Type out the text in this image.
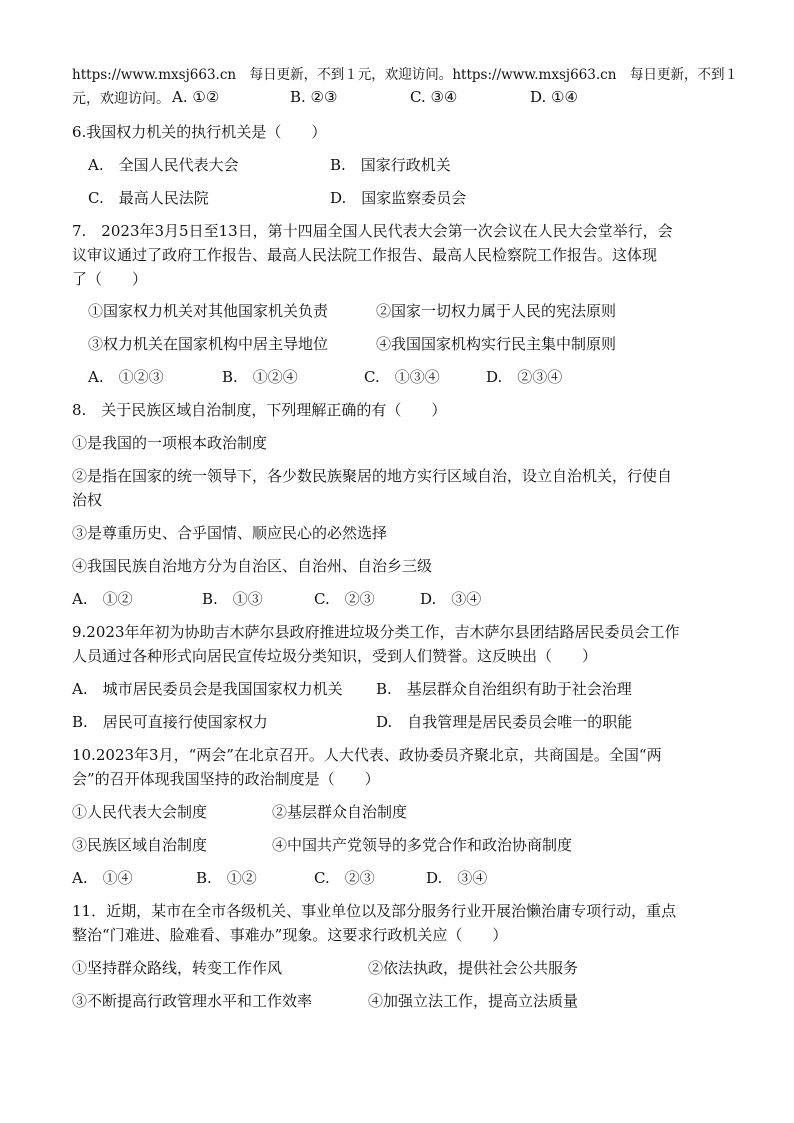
https://www.mxsj663.cn　每日更新，不到１元，欢迎访问。https://www.mxsj663.cn　每日更新，不到１
元，欢迎访问。 A. ①②	B. ②③	C. ③④	D. ①④
6.我国权力机关的执行机关是（　　）
A.　全国人民代表大会	B.　国家行政机关
C.　最高人民法院	D.　国家监察委员会
7.　2023年3月5日至13日，第十四届全国人民代表大会第一次会议在人民大会堂举行，会
议审议通过了政府工作报告、最高人民法院工作报告、最高人民检察院工作报告。这体现
了（　　）
①国家权力机关对其他国家机关负责	②国家一切权力属于人民的宪法原则
③权力机关在国家机构中居主导地位	④我国国家机构实行民主集中制原则
A.　①②③	B.　①②④	C.　①③④	D.　②③④
8.　关于民族区域自治制度，下列理解正确的有（　　）
①是我国的一项根本政治制度
②是指在国家的统一领导下，各少数民族聚居的地方实行区域自治，设立自治机关，行使自
治权
③是尊重历史、合乎国情、顺应民心的必然选择
④我国民族自治地方分为自治区、自治州、自治乡三级
A.　①②	B.　①③	C.　②③	D.　③④
9.2023年年初为协助吉木萨尔县政府推进垃圾分类工作，吉木萨尔县团结路居民委员会工作
人员通过各种形式向居民宣传垃圾分类知识，受到人们赞誉。这反映出（　　）
A.　城市居民委员会是我国国家权力机关 B.　基层群众自治组织有助于社会治理
B.　居民可直接行使国家权力	D.　自我管理是居民委员会唯一的职能
10.2023年3月，“两会”在北京召开。人大代表、政协委员齐聚北京，共商国是。全国“两
会”的召开体现我国坚持的政治制度是（　　）
①人民代表大会制度	②基层群众自治制度
③民族区域自治制度	④中国共产党领导的多党合作和政治协商制度
A.　①④	B.　①②	C.　②③	D.　③④
11．近期，某市在全市各级机关、事业单位以及部分服务行业开展治懒治庸专项行动，重点
整治“门难进、脸难看、事难办”现象。这要求行政机关应（　　）
①坚持群众路线，转变工作作风	②依法执政，提供社会公共服务
③不断提高行政管理水平和工作效率	④加强立法工作，提高立法质量
